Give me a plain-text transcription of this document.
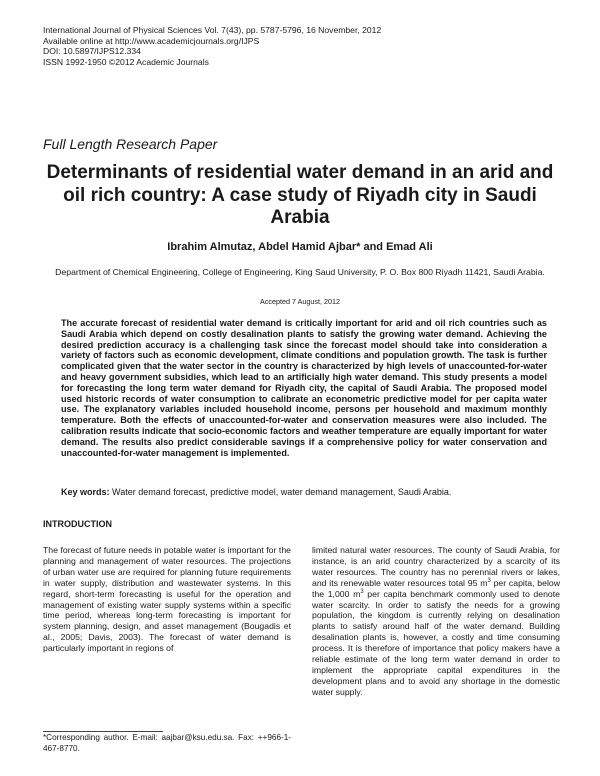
International Journal of Physical Sciences Vol. 7(43), pp. 5787-5796, 16 November, 2012
Available online at http://www.academicjournals.org/IJPS
DOI: 10.5897/IJPS12.334
ISSN 1992-1950 ©2012 Academic Journals
Full Length Research Paper
Determinants of residential water demand in an arid and oil rich country: A case study of Riyadh city in Saudi Arabia
Ibrahim Almutaz, Abdel Hamid Ajbar* and Emad Ali
Department of Chemical Engineering, College of Engineering, King Saud University, P. O. Box 800 Riyadh 11421, Saudi Arabia.
Accepted 7 August, 2012

The accurate forecast of residential water demand is critically important for arid and oil rich countries such as Saudi Arabia which depend on costly desalination plants to satisfy the growing water demand. Achieving the desired prediction accuracy is a challenging task since the forecast model should take into consideration a variety of factors such as economic development, climate conditions and population growth. The task is further complicated given that the water sector in the country is characterized by high levels of unaccounted-for-water and heavy government subsidies, which lead to an artificially high water demand. This study presents a model for forecasting the long term water demand for Riyadh city, the capital of Saudi Arabia. The proposed model used historic records of water consumption to calibrate an econometric predictive model for per capita water use. The explanatory variables included household income, persons per household and maximum monthly temperature. Both the effects of unaccounted-for-water and conservation measures were also included. The calibration results indicate that socio-economic factors and weather temperature are equally important for water demand. The results also predict considerable savings if a comprehensive policy for water conservation and unaccounted-for-water management is implemented.

Key words: Water demand forecast, predictive model, water demand management, Saudi Arabia.
INTRODUCTION

The forecast of future needs in potable water is important for the planning and management of water resources. The projections of urban water use are required for planning future requirements in water supply, distribution and wastewater systems. In this regard, short-term forecasting is useful for the operation and management of existing water supply systems within a specific time period, whereas long-term forecasting is important for system planning, design, and asset management (Bougadis et al., 2005; Davis, 2003). The forecast of water demand is particularly important in regions of

limited natural water resources. The county of Saudi Arabia, for instance, is an arid country characterized by a scarcity of its water resources. The country has no perennial rivers or lakes, and its renewable water resources total 95 $m^3$ per capita, below the 1,000 $m^3$ per capita benchmark commonly used to denote water scarcity. In order to satisfy the needs for a growing population, the kingdom is currently relying on desalination plants to satisfy around half of the water demand. Building desalination plants is, however, a costly and time consuming process. It is therefore of importance that policy makers have a reliable estimate of the long term water demand in order to implement the appropriate capital expenditures in the development plans and to avoid any shortage in the domestic water supply.

*Corresponding author. E-mail: aajbar@ksu.edu.sa. Fax: ++966-1-467-8770.
